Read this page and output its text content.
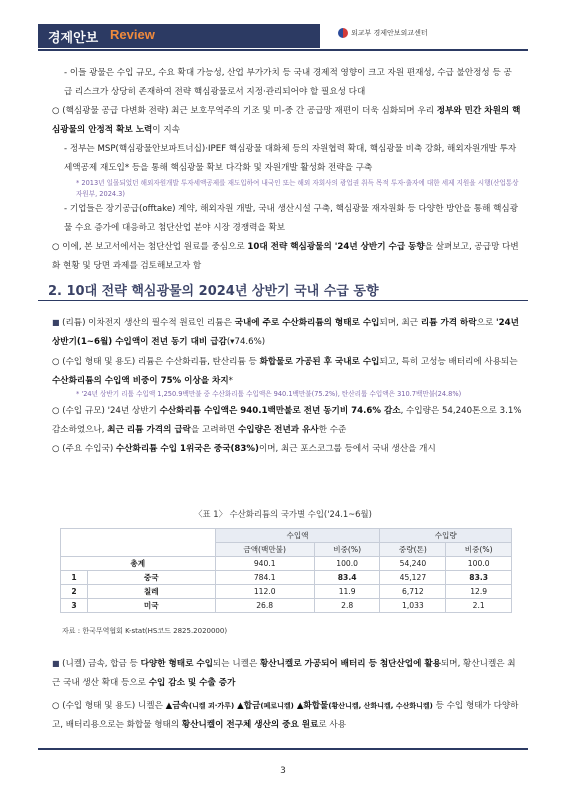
경제안보 Review	외교부 경제안보외교센터
- 이들 광물은 수입 규모, 수요 확대 가능성, 산업 부가가치 등 국내 경제적 영향이 크고 자원 편재성, 수급 불안정성 등 공급 리스크가 상당히 존재하여 전략 핵심광물로서 지정·관리되어야 할 필요성 다대
○ (핵심광물 공급 다변화 전략) 최근 보호무역주의 기조 및 미-중 간 공급망 재편이 더욱 심화되며 우리 정부와 민간 차원의 핵심광물의 안정적 확보 노력이 지속
- 정부는 MSP(핵심광물안보파트너십)·IPEF 핵심광물 대화체 등의 자원협력 확대, 핵심광물 비축 강화, 해외자원개발 투자세액공제 재도입* 등을 통해 핵심광물 확보 다각화 및 자원개발 활성화 전략을 구축
* 2013년 일몰되었던 해외자원개발 투자세액공제를 재도입하여 내국인 또는 해외 자회사의 광업권 취득 목적 투자·출자에 대한 세제 지원을 시행(산업통상자원부, 2024.3)
- 기업들은 장기공급(offtake) 계약, 해외자원 개발, 국내 생산시설 구축, 핵심광물 재자원화 등 다양한 방안을 통해 핵심광물 수요 증가에 대응하고 첨단산업 분야 시장 경쟁력을 확보
○ 이에, 본 보고서에서는 첨단산업 원료를 중심으로 10대 전략 핵심광물의 '24년 상반기 수급 동향을 살펴보고, 공급망 다변화 현황 및 당면 과제를 검토해보고자 함
2. 10대 전략 핵심광물의 2024년 상반기 국내 수급 동향
■ (리튬) 이차전지 생산의 필수적 원료인 리튬은 국내에 주로 수산화리튬의 형태로 수입되며, 최근 리튬 가격 하락으로 '24년 상반기(1~6월) 수입액이 전년 동기 대비 급감(▾74.6%)
○ (수입 형태 및 용도) 리튬은 수산화리튬, 탄산리튬 등 화합물로 가공된 후 국내로 수입되고, 특히 고성능 배터리에 사용되는 수산화리튬의 수입액 비중이 75% 이상을 차지*
* '24년 상반기 리튬 수입액 1,250.9백만불 중 수산화리튬 수입액은 940.1백만불(75.2%), 탄산리튬 수입액은 310.7백만불(24.8%)
○ (수입 규모) '24년 상반기 수산화리튬 수입액은 940.1백만불로 전년 동기비 74.6% 감소, 수입량은 54,240톤으로 3.1% 감소하였으나, 최근 리튬 가격의 급락을 고려하면 수입량은 전년과 유사한 수준
○ (주요 수입국) 수산화리튬 수입 1위국은 중국(83%)이며, 최근 포스코그룹 등에서 국내 생산을 개시
〈표 1〉 수산화리튬의 국가별 수입('24.1~6월)
		수입액		수입량	
		금액(백만불)	비중(%)	중량(톤)	비중(%)
총계		940.1	100.0	54,240	100.0
1	중국	784.1	83.4	45,127	83.3
2	칠레	112.0	11.9	6,712	12.9
3	미국	26.8	2.8	1,033	2.1
자료 : 한국무역협회 K-stat(HS코드 2825.2020000)
■ (니켈) 금속, 합금 등 다양한 형태로 수입되는 니켈은 황산니켈로 가공되어 배터리 등 첨단산업에 활용되며, 황산니켈은 최근 국내 생산 확대 등으로 수입 감소 및 수출 증가
○ (수입 형태 및 용도) 니켈은 ▲금속(니켈 괴·가루) ▲합금(페로니켈) ▲화합물(황산니켈, 산화니켈, 수산화니켈) 등 수입 형태가 다양하고, 배터리용으로는 화합물 형태의 황산니켈이 전구체 생산의 중요 원료로 사용
3
